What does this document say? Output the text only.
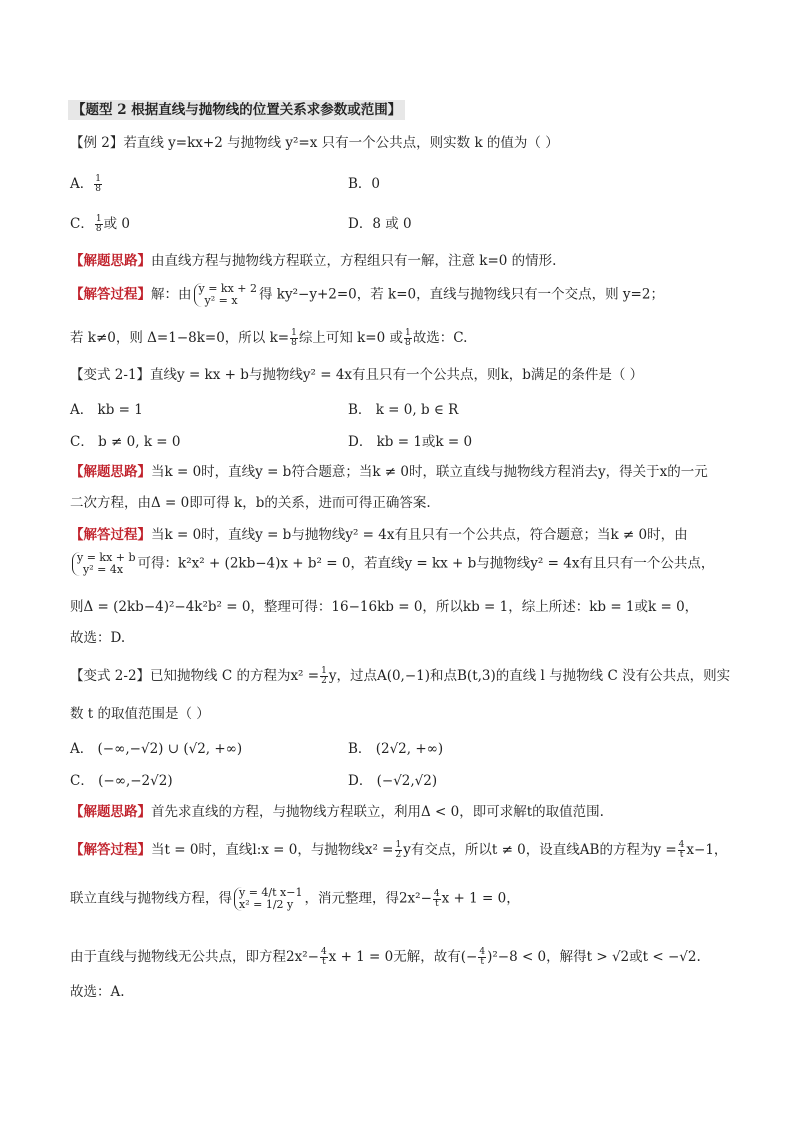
【题型 2 根据直线与抛物线的位置关系求参数或范围】
【例 2】若直线 y=kx+2 与抛物线 y²=x 只有一个公共点，则实数 k 的值为（ ）
A． $\frac{1}{8}$	B．0
C． $\frac{1}{8}$ 或 0	D．8 或 0
【解题思路】由直线方程与抛物线方程联立，方程组只有一解，注意 k=0 的情形.
【解答过程】解：由 y = kx + 2
y² = x	得 ky²−y+2=0，若 k=0，直线与抛物线只有一个交点，则 y=2；
若 k≠0，则 Δ=1−8k=0，所以 $k= \frac{1}{8}$ 综上可知 k=0 或 $\frac{1}{8}$ 故选：C.
【变式 2-1】直线y = kx + b与抛物线y² = 4x有且只有一个公共点，则k，b满足的条件是（ ）
A． kb = 1	B． k = 0, b ∈ R
C． b ≠ 0, k = 0	D． kb = 1或k = 0
【解题思路】当k = 0时，直线y = b符合题意；当k ≠ 0时，联立直线与抛物线方程消去y，得关于x的一元
二次方程，由Δ = 0即可得 k，b的关系，进而可得正确答案.
【解答过程】当k = 0时，直线y = b与抛物线y² = 4x有且只有一个公共点，符合题意；当k ≠ 0时，由
y = kx + b
y² = 4x	可得：k²x² + (2kb−4)x + b² = 0，若直线y = kx + b与抛物线y² = 4x有且只有一个公共点，
则Δ = (2kb−4)²−4k²b² = 0，整理可得：16−16kb = 0，所以kb = 1，综上所述：kb = 1或k = 0，
故选：D.
【变式 2-2】已知抛物线 C 的方程为$x^2 = \frac{1}{2}$ y，过点A(0,−1)和点B(t,3)的直线 l 与抛物线 C 没有公共点，则实
数 t 的取值范围是（ ）
A． (−∞,−√2) ∪ (√2, +∞)	B． (2√2, +∞)
C． (−∞,−2√2)	D． (−√2,√2)
【解题思路】首先求直线的方程，与抛物线方程联立，利用Δ < 0，即可求解t的取值范围.
【解答过程】当t = 0时，直线l:x = 0，与抛物线$x^2 = \frac{1}{2}$ y有交点，所以t ≠ 0，设直线AB的方程为$y = \frac{4}{t} x-1$，
联立直线与抛物线方程，得 y = 4/t x−1
x² = 1/2 y ，消元整理，得$2x^2- \frac{4}{t}$ x + 1 = 0，
由于直线与抛物线无公共点，即方程$2x^2- \frac{4}{t}$ x + 1 = 0无解，故有(− $\frac{4}{t} )^2-8 < 0$，解得t > √2或t < −√2.
故选：A.
